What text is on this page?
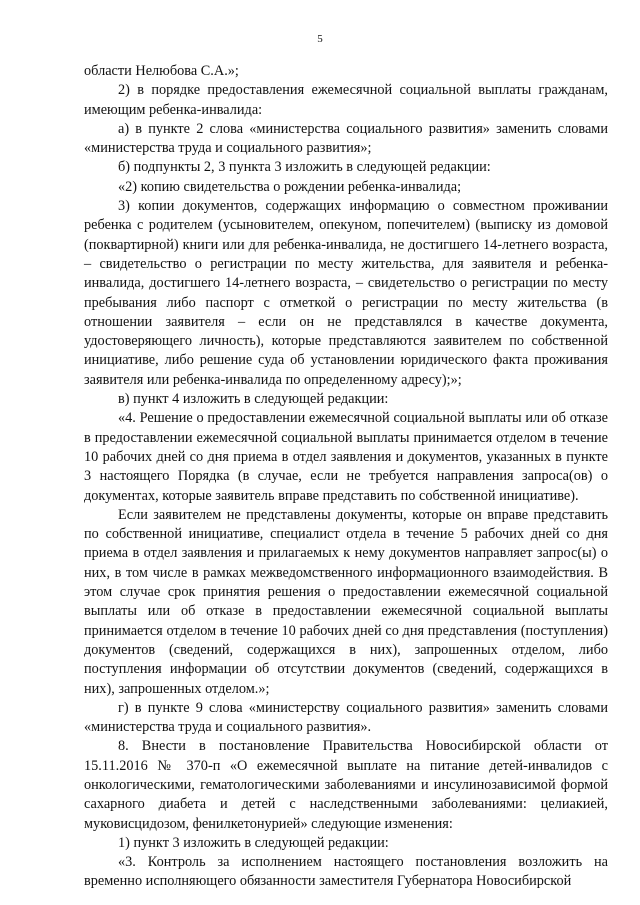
5

области Нелюбова С.А.»;

2) в порядке предоставления ежемесячной социальной выплаты гражданам, имеющим ребенка-инвалида:

а) в пункте 2 слова «министерства социального развития» заменить словами «министерства труда и социального развития»;

б) подпункты 2, 3 пункта 3 изложить в следующей редакции:

«2) копию свидетельства о рождении ребенка-инвалида;

3) копии документов, содержащих информацию о совместном проживании ребенка с родителем (усыновителем, опекуном, попечителем) (выписку из домовой (поквартирной) книги или для ребенка-инвалида, не достигшего 14-летнего возраста, – свидетельство о регистрации по месту жительства, для заявителя и ребенка-инвалида, достигшего 14-летнего возраста, – свидетельство о регистрации по месту пребывания либо паспорт с отметкой о регистрации по месту жительства (в отношении заявителя – если он не представлялся в качестве документа, удостоверяющего личность), которые представляются заявителем по собственной инициативе, либо решение суда об установлении юридического факта проживания заявителя или ребенка-инвалида по определенному адресу);»;

в) пункт 4 изложить в следующей редакции:

«4. Решение о предоставлении ежемесячной социальной выплаты или об отказе в предоставлении ежемесячной социальной выплаты принимается отделом в течение 10 рабочих дней со дня приема в отдел заявления и документов, указанных в пункте 3 настоящего Порядка (в случае, если не требуется направления запроса(ов) о документах, которые заявитель вправе представить по собственной инициативе).

Если заявителем не представлены документы, которые он вправе представить по собственной инициативе, специалист отдела в течение 5 рабочих дней со дня приема в отдел заявления и прилагаемых к нему документов направляет запрос(ы) о них, в том числе в рамках межведомственного информационного взаимодействия. В этом случае срок принятия решения о предоставлении ежемесячной социальной выплаты или об отказе в предоставлении ежемесячной социальной выплаты принимается отделом в течение 10 рабочих дней со дня представления (поступления) документов (сведений, содержащихся в них), запрошенных отделом, либо поступления информации об отсутствии документов (сведений, содержащихся в них), запрошенных отделом.»;

г) в пункте 9 слова «министерству социального развития» заменить словами «министерства труда и социального развития».

8. Внести в постановление Правительства Новосибирской области от 15.11.2016 № 370-п «О ежемесячной выплате на питание детей-инвалидов с онкологическими, гематологическими заболеваниями и инсулинозависимой формой сахарного диабета и детей с наследственными заболеваниями: целиакией, муковисцидозом, фенилкетонурией» следующие изменения:

1) пункт 3 изложить в следующей редакции:

«3. Контроль за исполнением настоящего постановления возложить на временно исполняющего обязанности заместителя Губернатора Новосибирской
